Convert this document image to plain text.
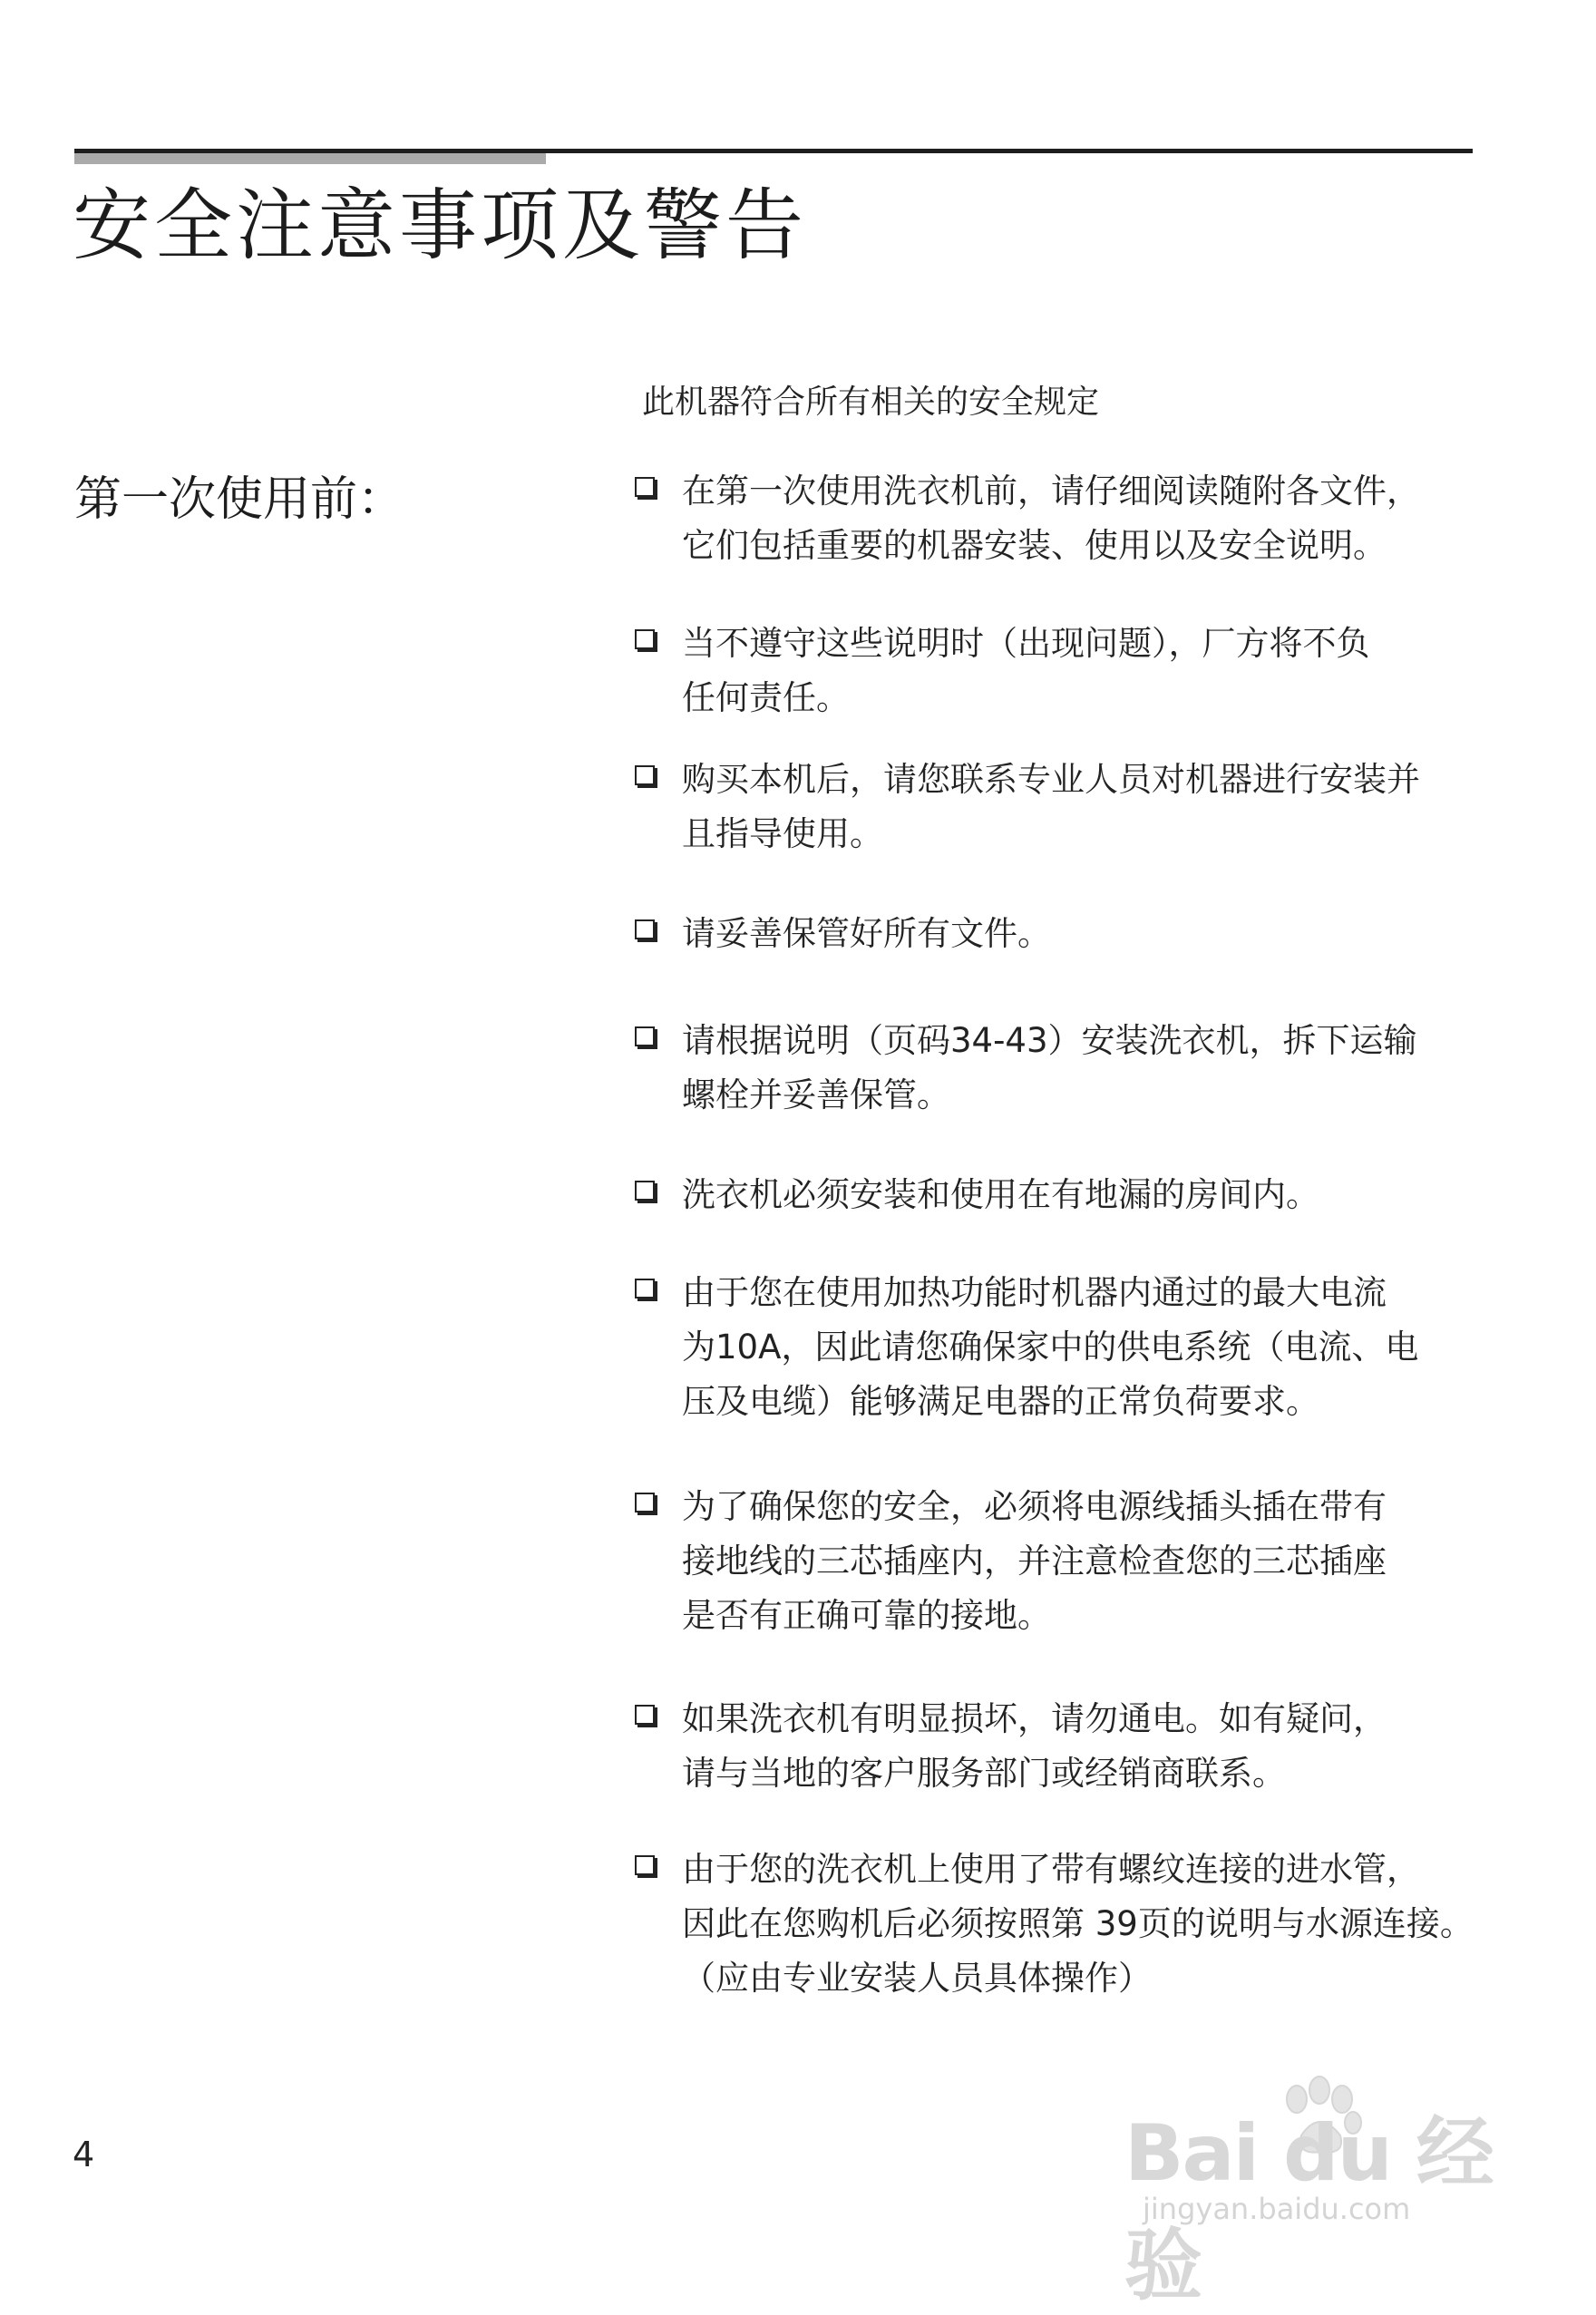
安全注意事项及警告
此机器符合所有相关的安全规定
第一次使用前：	在第一次使用洗衣机前，请仔细阅读随附各文件，
它们包括重要的机器安装、使用以及安全说明。
当不遵守这些说明时（出现问题），厂方将不负
任何责任。
购买本机后，请您联系专业人员对机器进行安装并
且指导使用。
请妥善保管好所有文件。
请根据说明（页码34-43）安装洗衣机，拆下运输
螺栓并妥善保管。
洗衣机必须安装和使用在有地漏的房间内。
由于您在使用加热功能时机器内通过的最大电流
为10A，因此请您确保家中的供电系统（电流、电
压及电缆）能够满足电器的正常负荷要求。
为了确保您的安全，必须将电源线插头插在带有
接地线的三芯插座内，并注意检查您的三芯插座
是否有正确可靠的接地。
如果洗衣机有明显损坏，请勿通电。如有疑问，
请与当地的客户服务部门或经销商联系。
由于您的洗衣机上使用了带有螺纹连接的进水管，
因此在您购机后必须按照第 39页的说明与水源连接。
（应由专业安装人员具体操作）
4	Bai du 经验
jingyan.baidu.com
